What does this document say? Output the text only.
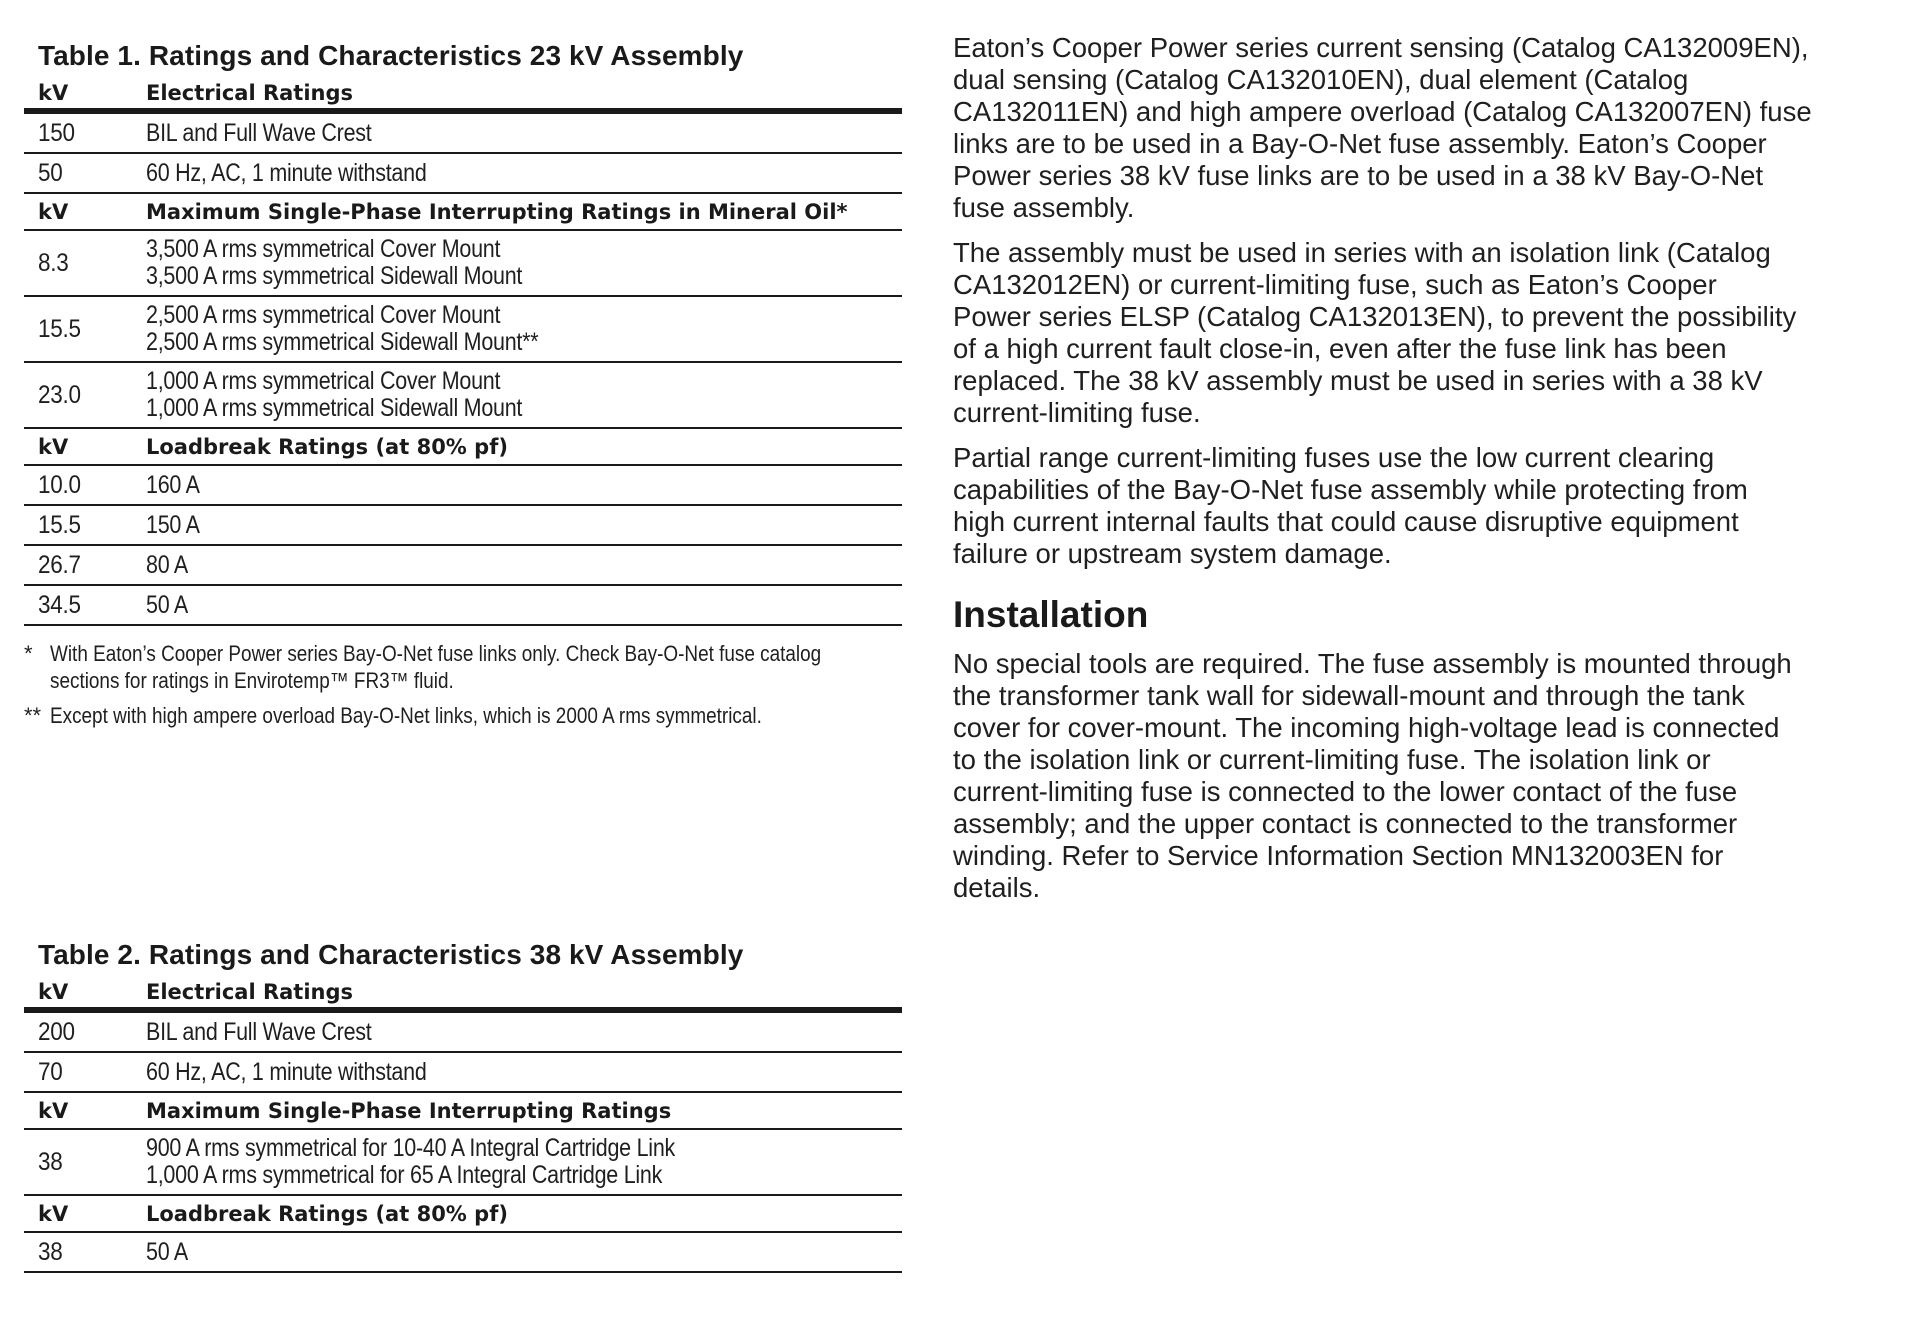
Table 1. Ratings and Characteristics 23 kV Assembly
kV	Electrical Ratings

150	BIL and Full Wave Crest

50	60 Hz, AC, 1 minute withstand

kV	Maximum Single-Phase Interrupting Ratings in Mineral Oil*

8.3	3,500 A rms symmetrical Cover Mount
3,500 A rms symmetrical Sidewall Mount

15.5	2,500 A rms symmetrical Cover Mount
2,500 A rms symmetrical Sidewall Mount**

23.0	1,000 A rms symmetrical Cover Mount
1,000 A rms symmetrical Sidewall Mount

kV	Loadbreak Ratings (at 80% pf)

10.0	160 A

15.5	150 A

26.7	80 A

34.5	50 A
* With Eaton’s Cooper Power series Bay-O-Net fuse links only. Check Bay-O-Net fuse catalog
sections for ratings in Envirotemp™ FR3™ fluid.
** Except with high ampere overload Bay-O-Net links, which is 2000 A rms symmetrical.
Table 2. Ratings and Characteristics 38 kV Assembly
kV	Electrical Ratings

200	BIL and Full Wave Crest

70	60 Hz, AC, 1 minute withstand

kV	Maximum Single-Phase Interrupting Ratings

38	900 A rms symmetrical for 10-40 A Integral Cartridge Link
1,000 A rms symmetrical for 65 A Integral Cartridge Link

kV	Loadbreak Ratings (at 80% pf)

38	50 A
Eaton’s Cooper Power series current sensing (Catalog CA132009EN),
dual sensing (Catalog CA132010EN), dual element (Catalog
CA132011EN) and high ampere overload (Catalog CA132007EN) fuse
links are to be used in a Bay-O-Net fuse assembly. Eaton’s Cooper
Power series 38 kV fuse links are to be used in a 38 kV Bay-O-Net
fuse assembly.
The assembly must be used in series with an isolation link (Catalog
CA132012EN) or current-limiting fuse, such as Eaton’s Cooper
Power series ELSP (Catalog CA132013EN), to prevent the possibility
of a high current fault close-in, even after the fuse link has been
replaced. The 38 kV assembly must be used in series with a 38 kV
current-limiting fuse.
Partial range current-limiting fuses use the low current clearing
capabilities of the Bay-O-Net fuse assembly while protecting from
high current internal faults that could cause disruptive equipment
failure or upstream system damage.
Installation
No special tools are required. The fuse assembly is mounted through
the transformer tank wall for sidewall-mount and through the tank
cover for cover-mount. The incoming high-voltage lead is connected
to the isolation link or current-limiting fuse. The isolation link or
current-limiting fuse is connected to the lower contact of the fuse
assembly; and the upper contact is connected to the transformer
winding. Refer to Service Information Section MN132003EN for
details.
